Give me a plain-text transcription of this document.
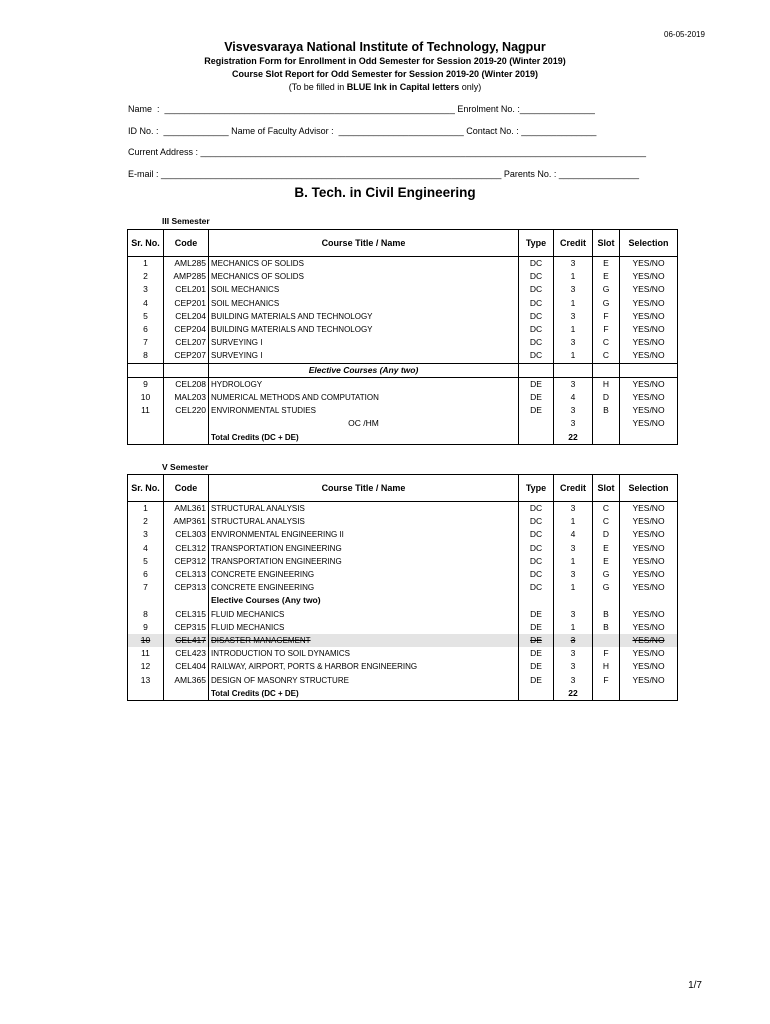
06-05-2019
Visvesvaraya National Institute of Technology, Nagpur
Registration Form for Enrollment in Odd Semester for Session 2019-20 (Winter 2019)
Course Slot Report for Odd Semester for Session 2019-20 (Winter 2019)
(To be filled in BLUE Ink in Capital letters only)
Name  :  __________________________________________________________ Enrolment No. :_______________
ID No. :  _____________ Name of Faculty Advisor :  _________________________ Contact No. : _______________
Current Address : _________________________________________________________________________________________
E-mail : ____________________________________________________________________ Parents No. : ________________
B. Tech. in Civil Engineering
III Semester
Sr. No.	Code	Course Title / Name	Type	Credit	Slot	Selection
1	AML285	MECHANICS OF SOLIDS	DC	3	E	YES/NO
2	AMP285	MECHANICS OF SOLIDS	DC	1	E	YES/NO
3	CEL201	SOIL MECHANICS	DC	3	G	YES/NO
4	CEP201	SOIL MECHANICS	DC	1	G	YES/NO
5	CEL204	BUILDING MATERIALS AND TECHNOLOGY	DC	3	F	YES/NO
6	CEP204	BUILDING MATERIALS AND TECHNOLOGY	DC	1	F	YES/NO
7	CEL207	SURVEYING I	DC	3	C	YES/NO
8	CEP207	SURVEYING I	DC	1	C	YES/NO
		Elective Courses (Any two)				
9	CEL208	HYDROLOGY	DE	3	H	YES/NO
10	MAL203	NUMERICAL METHODS AND COMPUTATION	DE	4	D	YES/NO
11	CEL220	ENVIRONMENTAL STUDIES	DE	3	B	YES/NO
		OC /HM		3		YES/NO
		Total Credits (DC + DE)		22		
V Semester
Sr. No.	Code	Course Title / Name	Type	Credit	Slot	Selection
1	AML361	STRUCTURAL ANALYSIS	DC	3	C	YES/NO
2	AMP361	STRUCTURAL ANALYSIS	DC	1	C	YES/NO
3	CEL303	ENVIRONMENTAL ENGINEERING II	DC	4	D	YES/NO
4	CEL312	TRANSPORTATION ENGINEERING	DC	3	E	YES/NO
5	CEP312	TRANSPORTATION ENGINEERING	DC	1	E	YES/NO
6	CEL313	CONCRETE ENGINEERING	DC	3	G	YES/NO
7	CEP313	CONCRETE ENGINEERING	DC	1	G	YES/NO
		Elective Courses (Any two)				
8	CEL315	FLUID MECHANICS	DE	3	B	YES/NO
9	CEP315	FLUID MECHANICS	DE	1	B	YES/NO
10	CEL417	DISASTER MANAGEMENT	DE	3		YES/NO
11	CEL423	INTRODUCTION TO SOIL DYNAMICS	DE	3	F	YES/NO
12	CEL404	RAILWAY, AIRPORT, PORTS & HARBOR ENGINEERING	DE	3	H	YES/NO
13	AML365	DESIGN OF MASONRY STRUCTURE	DE	3	F	YES/NO
		Total Credits (DC + DE)		22		
1/7
